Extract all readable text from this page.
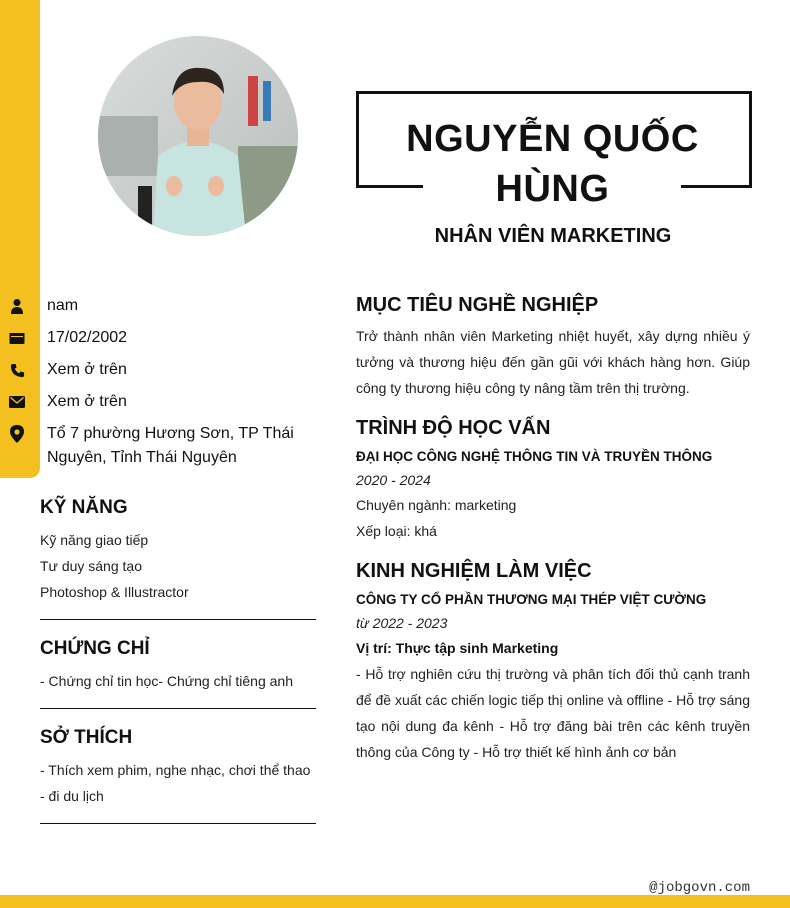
NGUYỄN QUỐC HÙNG
NHÂN VIÊN MARKETING
nam
17/02/2002
Xem ở trên
Xem ở trên
Tổ 7 phường Hương Sơn, TP Thái Nguyên, Tỉnh Thái Nguyên
KỸ NĂNG
Kỹ năng giao tiếp
Tư duy sáng tạo
Photoshop & Illustractor
CHỨNG CHỈ
- Chứng chỉ tin học- Chứng chỉ tiêng anh
SỞ THÍCH
- Thích xem phim, nghe nhạc, chơi thể thao - đi du lịch
MỤC TIÊU NGHỀ NGHIỆP
Trở thành nhân viên Marketing nhiệt huyết, xây dựng nhiều ý tưởng và thương hiệu đến gần gũi với khách hàng hơn. Giúp công ty thương hiệu công ty nâng tầm trên thị trường.
TRÌNH ĐỘ HỌC VẤN
ĐẠI HỌC CÔNG NGHỆ THÔNG TIN VÀ TRUYỀN THÔNG
2020 - 2024
Chuyên ngành: marketing
Xếp loại: khá
KINH NGHIỆM LÀM VIỆC
CÔNG TY CỔ PHẦN THƯƠNG MẠI THÉP VIỆT CƯỜNG
từ 2022 - 2023
Vị trí: Thực tập sinh Marketing
- Hỗ trợ nghiên cứu thị trường và phân tích đối thủ cạnh tranh để đề xuất các chiến logic tiếp thị online và offline - Hỗ trợ sáng tạo nội dung đa kênh - Hỗ trợ đăng bài trên các kênh truyền thông của Công ty - Hỗ trợ thiết kế hình ảnh cơ bản
@jobgovn.com
